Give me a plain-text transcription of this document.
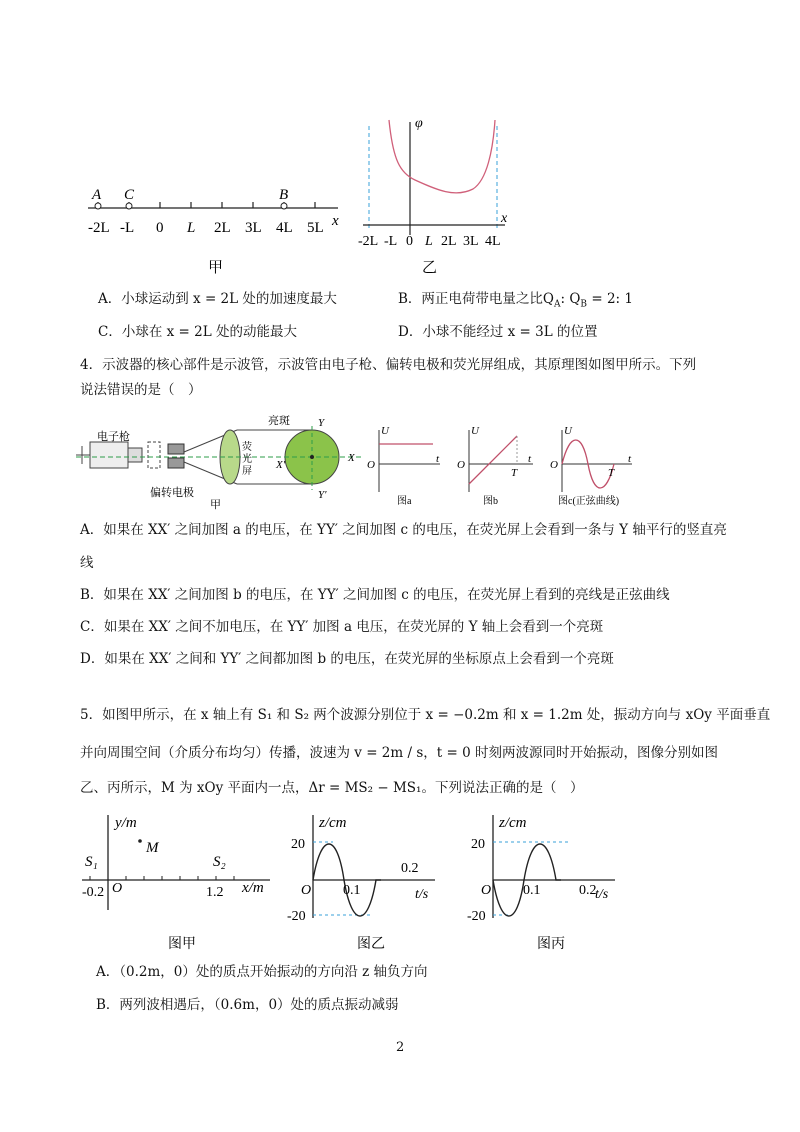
A C	B
x
-2L -L 0 L 2L 3L 4L 5L
甲
φ
x
-2L -L 0 L 2L 3L 4L
乙
A．小球运动到 x = 2L 处的加速度最大	B．两正电荷带电量之比$Q_A$: $Q_B = 2$: 1
C．小球在 x = 2L 处的动能最大	D．小球不能经过 x = 3L 的位置
4．示波器的核心部件是示波管，示波管由电子枪、偏转电极和荧光屏组成，其原理图如图甲所示。下列
说法错误的是（　）
电子枪
偏转电极
亮斑
荧
光
屏
Y
Y′
X
X′
甲
U
O	t
图a
U
O
T
t
图b
U
O
T
t
图c(正弦曲线)
A．如果在 XX′ 之间加图 a 的电压，在 YY′ 之间加图 c 的电压，在荧光屏上会看到一条与 Y 轴平行的竖直亮
线
B．如果在 XX′ 之间加图 b 的电压，在 YY′ 之间加图 c 的电压，在荧光屏上看到的亮线是正弦曲线
C．如果在 XX′ 之间不加电压，在 YY′ 加图 a 电压，在荧光屏的 Y 轴上会看到一个亮斑
D．如果在 XX′ 之间和 YY′ 之间都加图 b 的电压，在荧光屏的坐标原点上会看到一个亮斑
5．如图甲所示，在 x 轴上有 S₁ 和 S₂ 两个波源分别位于 x = −0.2m 和 x = 1.2m 处，振动方向与 xOy 平面垂直
并向周围空间（介质分布均匀）传播，波速为 v = 2m / s，t = 0 时刻两波源同时开始振动，图像分别如图
乙、丙所示，M 为 xOy 平面内一点，Δr = MS₂ − MS₁。下列说法正确的是（　）
y/m
x/m
S₁	S₂
M
O
-0.2	1.2
图甲
z/cm
t/s
20
-20
O 0.1
0.2
图乙
z/cm
t/s
20
-20
O 0.1	0.2
图丙
A．（0.2m，0）处的质点开始振动的方向沿 z 轴负方向
B．两列波相遇后，（0.6m，0）处的质点振动减弱
2
